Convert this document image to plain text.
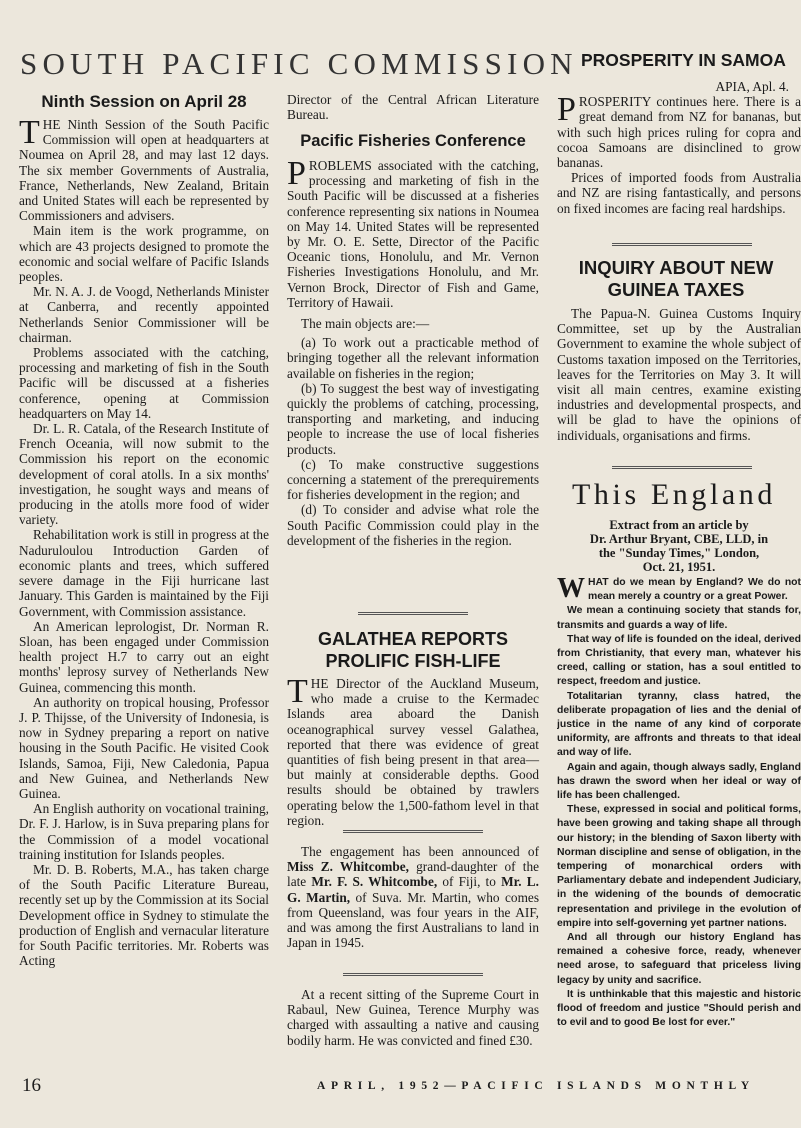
SOUTH PACIFIC COMMISSION
Ninth Session on April 28

THE Ninth Session of the South Pacific Commission will open at headquarters at Noumea on April 28, and may last 12 days. The six member Governments of Australia, France, Netherlands, New Zealand, Britain and United States will each be represented by Commissioners and advisers.

Main item is the work programme, on which are 43 projects designed to promote the economic and social welfare of Pacific Islands peoples.

Mr. N. A. J. de Voogd, Netherlands Minister at Canberra, and recently appointed Netherlands Senior Commissioner will be chairman.

Problems associated with the catching, processing and marketing of fish in the South Pacific will be discussed at a fisheries conference, opening at Commission headquarters on May 14.

Dr. L. R. Catala, of the Research Institute of French Oceania, will now submit to the Commission his report on the economic development of coral atolls. In a six months' investigation, he sought ways and means of producing in the atolls more food of wider variety.

Rehabilitation work is still in progress at the Naduruloulou Introduction Garden of economic plants and trees, which suffered severe damage in the Fiji hurricane last January. This Garden is maintained by the Fiji Government, with Commission assistance.

An American leprologist, Dr. Norman R. Sloan, has been engaged under Commission health project H.7 to carry out an eight months' leprosy survey of Netherlands New Guinea, commencing this month.

An authority on tropical housing, Professor J. P. Thijsse, of the University of Indonesia, is now in Sydney preparing a report on native housing in the South Pacific. He visited Cook Islands, Samoa, Fiji, New Caledonia, Papua and New Guinea, and Netherlands New Guinea.

An English authority on vocational training, Dr. F. J. Harlow, is in Suva preparing plans for the Commission of a model vocational training institution for Islands peoples.

Mr. D. B. Roberts, M.A., has taken charge of the South Pacific Literature Bureau, recently set up by the Commission at its Social Development office in Sydney to stimulate the production of English and vernacular literature for South Pacific territories. Mr. Roberts was Acting

Director of the Central African Literature Bureau.

Pacific Fisheries Conference

PROBLEMS associated with the catching, processing and marketing of fish in the South Pacific will be discussed at a fisheries conference representing six nations in Noumea on May 14. United States will be represented by Mr. O. E. Sette, Director of the Pacific Oceanic tions, Honolulu, and Mr. Vernon Fisheries Investigations Honolulu, and Mr. Vernon Brock, Director of Fish and Game, Territory of Hawaii.

The main objects are:—

(a) To work out a practicable method of bringing together all the relevant information available on fisheries in the region;

(b) To suggest the best way of investigating quickly the problems of catching, processing, transporting and marketing, and inducing people to increase the use of local fisheries products.

(c) To make constructive suggestions concerning a statement of the prerequirements for fisheries development in the region; and

(d) To consider and advise what role the South Pacific Commission could play in the development of the fisheries in the region.

GALATHEA REPORTS
PROLIFIC FISH-LIFE

THE Director of the Auckland Museum, who made a cruise to the Kermadec Islands area aboard the Danish oceanographical survey vessel Galathea, reported that there was evidence of great quantities of fish being present in that area—but mainly at considerable depths. Good results should be obtained by trawlers operating below the 1,500-fathom level in that region.

The engagement has been announced of Miss Z. Whitcombe, grand-daughter of the late Mr. F. S. Whitcombe, of Fiji, to Mr. L. G. Martin, of Suva. Mr. Martin, who comes from Queensland, was four years in the AIF, and was among the first Australians to land in Japan in 1945.

At a recent sitting of the Supreme Court in Rabaul, New Guinea, Terence Murphy was charged with assaulting a native and causing bodily harm. He was convicted and fined £30.

PROSPERITY IN SAMOA
APIA, Apl. 4.

PROSPERITY continues here. There is a great demand from NZ for bananas, but with such high prices ruling for copra and cocoa Samoans are disinclined to grow bananas.

Prices of imported foods from Australia and NZ are rising fantastically, and persons on fixed incomes are facing real hardships.

INQUIRY ABOUT NEW
GUINEA TAXES

The Papua-N. Guinea Customs Inquiry Committee, set up by the Australian Government to examine the whole subject of Customs taxation imposed on the Territories, leaves for the Territories on May 3. It will visit all main centres, examine existing industries and developmental prospects, and will be glad to have the opinions of individuals, organisations and firms.

This England
Extract from an article by
Dr. Arthur Bryant, CBE, LLD, in
the "Sunday Times," London,
Oct. 21, 1951.

WHAT do we mean by England? We do not mean merely a country or a great Power.

We mean a continuing society that stands for, transmits and guards a way of life.

That way of life is founded on the ideal, derived from Christianity, that every man, whatever his creed, calling or station, has a soul entitled to respect, freedom and justice.

Totalitarian tyranny, class hatred, the deliberate propagation of lies and the denial of justice in the name of any kind of corporate uniformity, are affronts and threats to that ideal and way of life.

Again and again, though always sadly, England has drawn the sword when her ideal or way of life has been challenged.

These, expressed in social and political forms, have been growing and taking shape all through our history; in the blending of Saxon liberty with Norman discipline and sense of obligation, in the tempering of monarchical orders with Parliamentary debate and independent Judiciary, in the widening of the bounds of democratic representation and privilege in the evolution of empire into self-governing yet partner nations.

And all through our history England has remained a cohesive force, ready, whenever need arose, to safeguard that priceless living legacy by unity and sacrifice.

It is unthinkable that this majestic and historic flood of freedom and justice "Should perish and to evil and to good Be lost for ever."

16	APRIL, 1952—PACIFIC ISLANDS MONTHLY
